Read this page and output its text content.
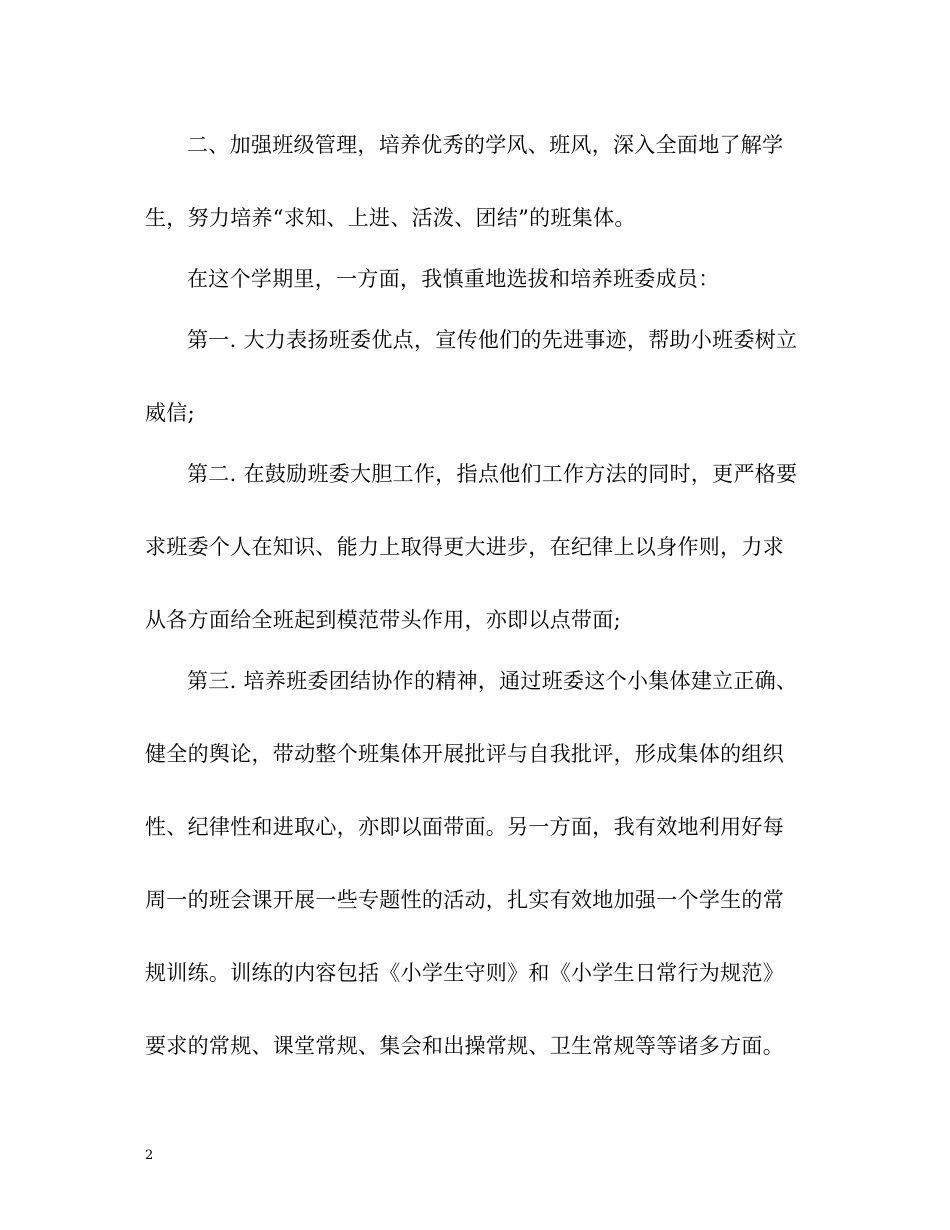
二、加强班级管理，培养优秀的学风、班风，深入全面地了解学
生，努力培养“求知、上进、活泼、团结”的班集体。
在这个学期里，一方面，我慎重地选拔和培养班委成员：
第一. 大力表扬班委优点，宣传他们的先进事迹，帮助小班委树立
威信;
第二. 在鼓励班委大胆工作，指点他们工作方法的同时，更严格要
求班委个人在知识、能力上取得更大进步，在纪律上以身作则，力求
从各方面给全班起到模范带头作用，亦即以点带面;
第三. 培养班委团结协作的精神，通过班委这个小集体建立正确、
健全的舆论，带动整个班集体开展批评与自我批评，形成集体的组织
性、纪律性和进取心，亦即以面带面。另一方面，我有效地利用好每
周一的班会课开展一些专题性的活动，扎实有效地加强一个学生的常
规训练。训练的内容包括《小学生守则》和《小学生日常行为规范》
要求的常规、课堂常规、集会和出操常规、卫生常规等等诸多方面。
2
